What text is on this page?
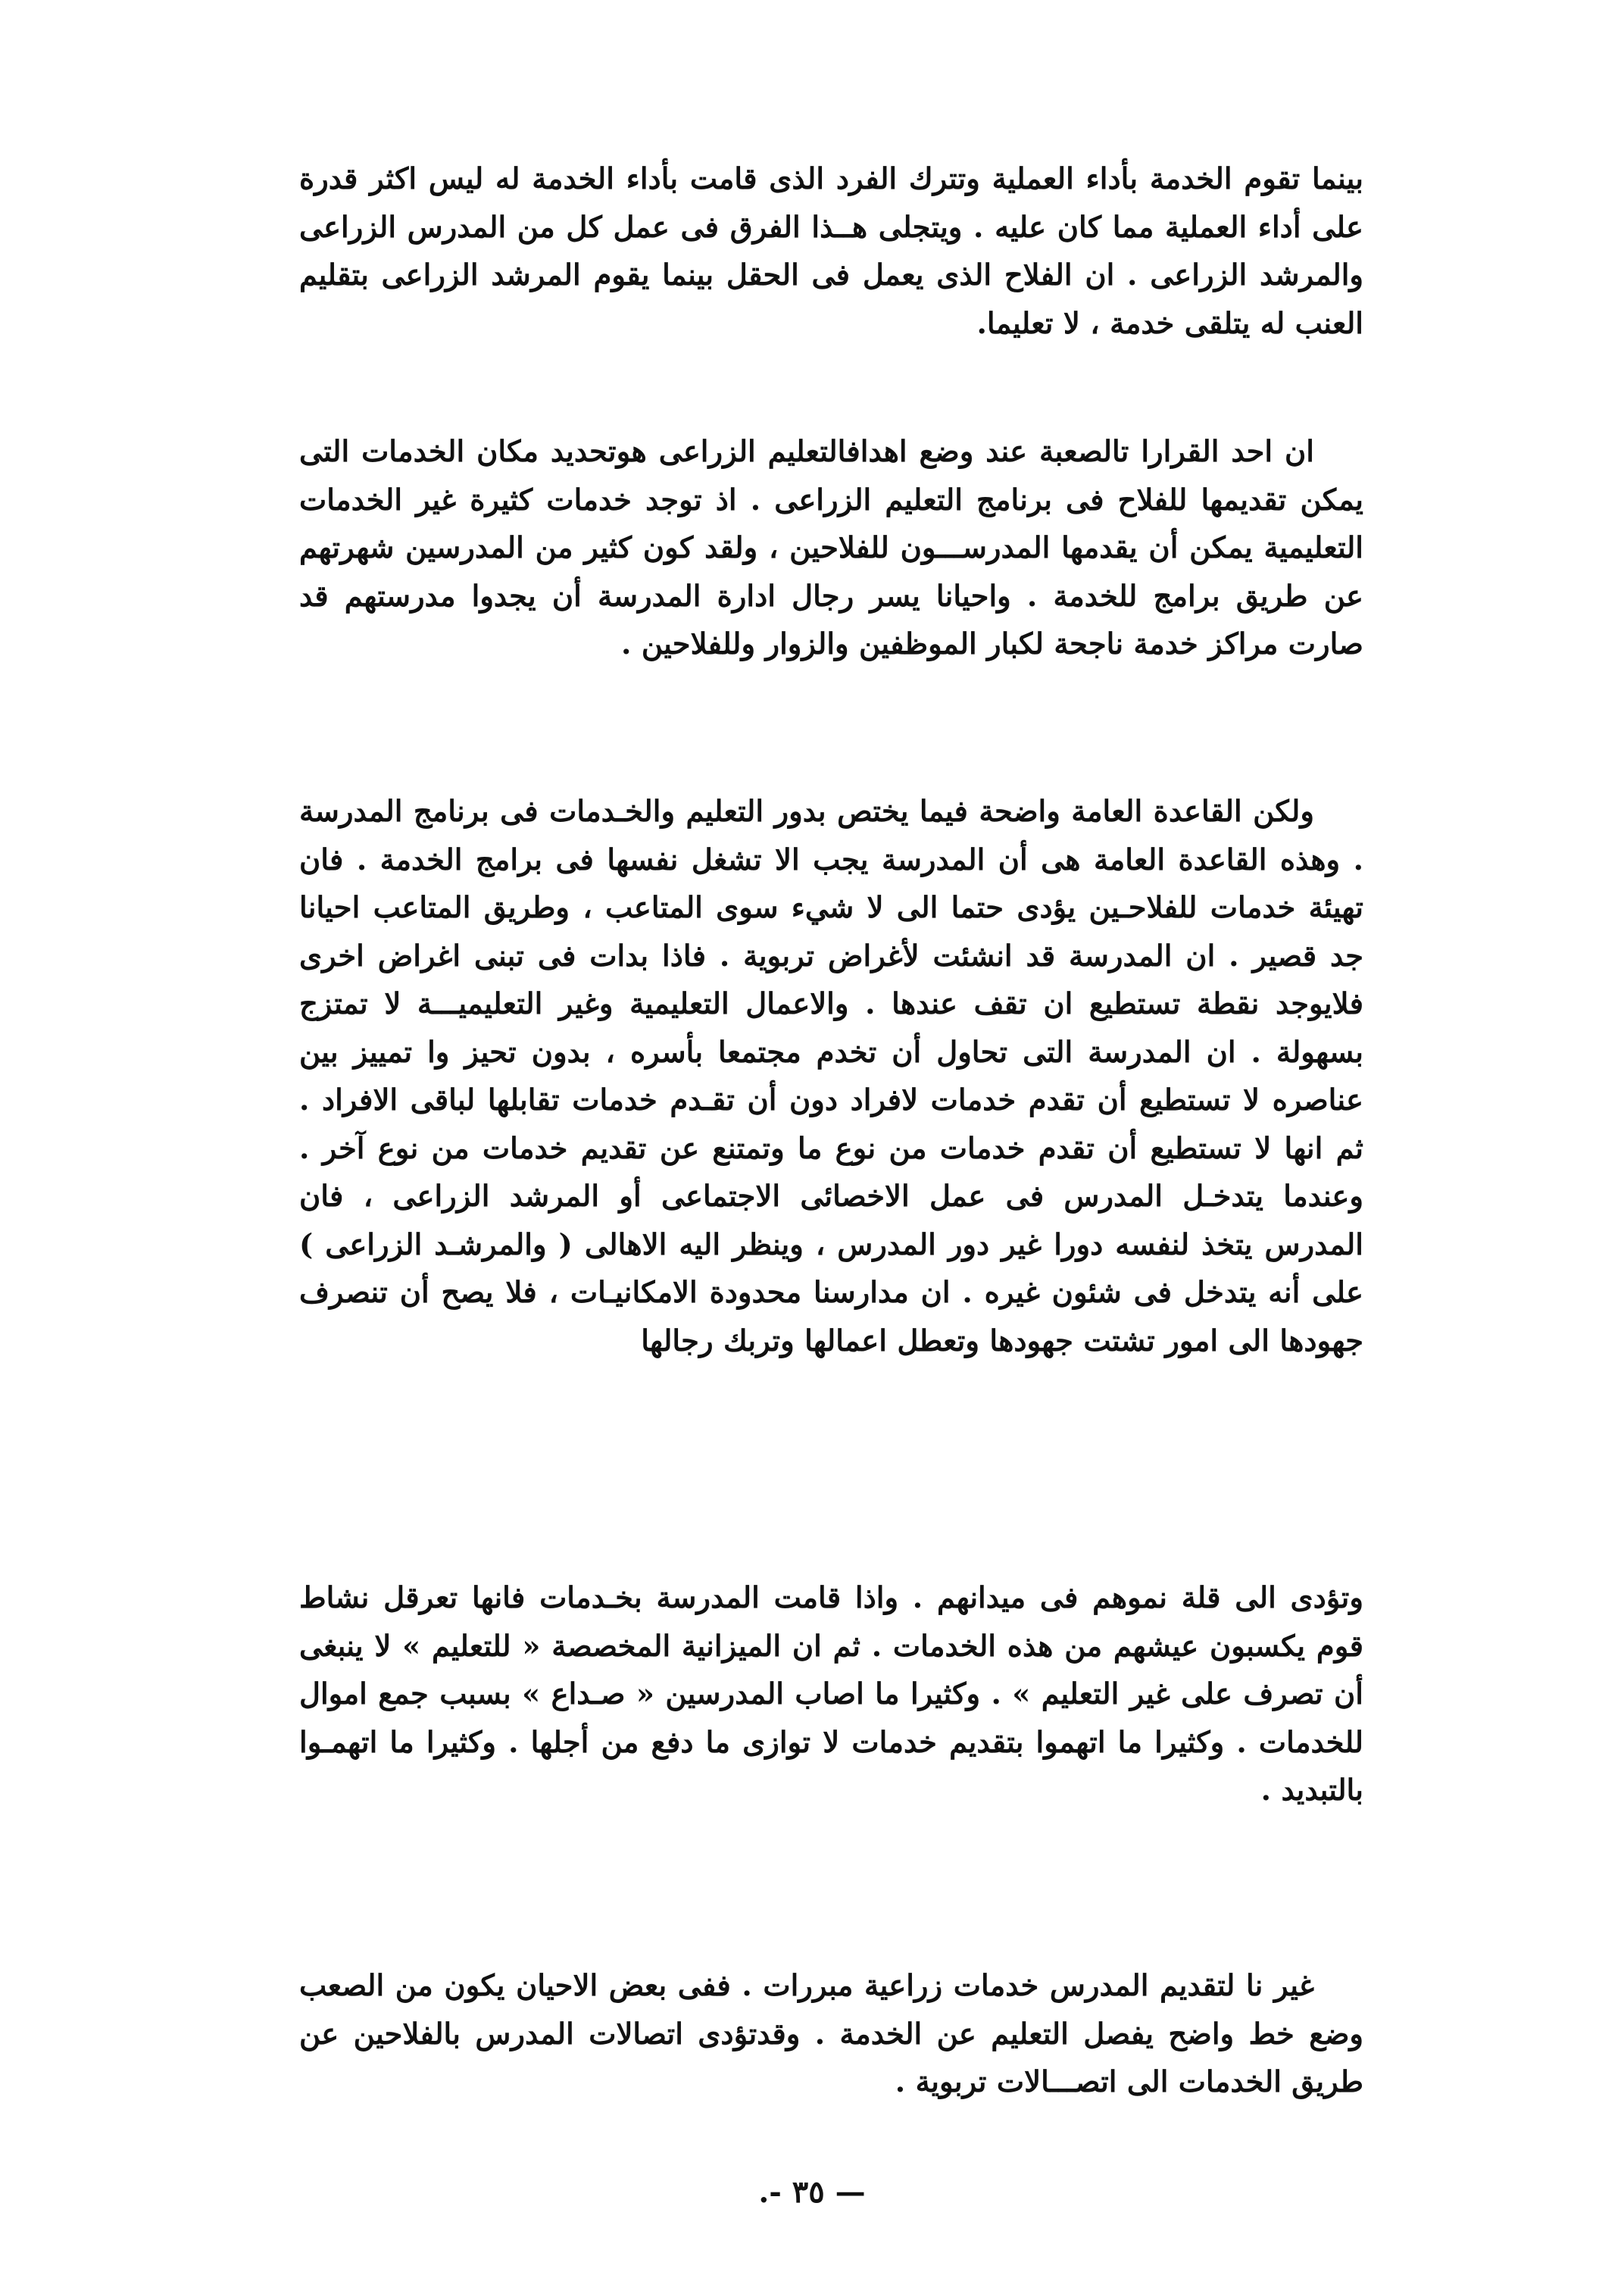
بينما تقوم الخدمة بأداء العملية وتترك الفرد الذى قامت بأداء الخدمة له ليس اكثر قدرة على أداء العملية مما كان عليه . ويتجلى هــذا الفرق فى عمل كل من المدرس الزراعى والمرشد الزراعى . ان الفلاح الذى يعمل فى الحقل بينما يقوم المرشد الزراعى بتقليم العنب له يتلقى خدمة ، لا تعليما.

ان احد القرارا تالصعبة عند وضع اهدافالتعليم الزراعى هوتحديد مكان الخدمات التى يمكن تقديمها للفلاح فى برنامج التعليم الزراعى . اذ توجد خدمات كثيرة غير الخدمات التعليمية يمكن أن يقدمها المدرســـون للفلاحين ، ولقد كون كثير من المدرسين شهرتهم عن طريق برامج للخدمة . واحيانا يسر رجال ادارة المدرسة أن يجدوا مدرستهم قد صارت مراكز خدمة ناجحة لكبار الموظفين والزوار وللفلاحين .

ولكن القاعدة العامة واضحة فيما يختص بدور التعليم والخـدمات فى برنامج المدرسة . وهذه القاعدة العامة هى أن المدرسة يجب الا تشغل نفسها فى برامج الخدمة . فان تهيئة خدمات للفلاحـين يؤدى حتما الى لا شيء سوى المتاعب ، وطريق المتاعب احيانا جد قصير . ان المدرسة قد انشئت لأغراض تربوية . فاذا بدات فى تبنى اغراض اخرى فلايوجد نقطة تستطيع ان تقف عندها . والاعمال التعليمية وغير التعليميـــة لا تمتزج بسهولة . ان المدرسة التى تحاول أن تخدم مجتمعا بأسره ، بدون تحيز وا تمييز بين عناصره لا تستطيع أن تقدم خدمات لافراد دون أن تقـدم خدمات تقابلها لباقى الافراد . ثم انها لا تستطيع أن تقدم خدمات من نوع ما وتمتنع عن تقديم خدمات من نوع آخر . وعندما يتدخـل المدرس فى عمل الاخصائى الاجتماعى أو المرشد الزراعى ، فان المدرس يتخذ لنفسه دورا غير دور المدرس ، وينظر اليه الاهالى ( والمرشـد الزراعى ) على أنه يتدخل فى شئون غيره . ان مدارسنا محدودة الامكانيـات ، فلا يصح أن تنصرف جهودها الى امور تشتت جهودها وتعطل اعمالها وتربك رجالها

وتؤدى الى قلة نموهم فى ميدانهم . واذا قامت المدرسة بخـدمات فانها تعرقل نشاط قوم يكسبون عيشهم من هذه الخدمات . ثم ان الميزانية المخصصة « للتعليم » لا ينبغى أن تصرف على غير التعليم » . وكثيرا ما اصاب المدرسين « صـداع » بسبب جمع اموال للخدمات . وكثيرا ما اتهموا بتقديم خدمات لا توازى ما دفع من أجلها . وكثيرا ما اتهمـوا بالتبديد .

غير نا لتقديم المدرس خدمات زراعية مبررات . ففى بعض الاحيان يكون من الصعب وضع خط واضح يفصل التعليم عن الخدمة . وقدتؤدى اتصالات المدرس بالفلاحين عن طريق الخدمات الى اتصـــالات تربوية .

— ٣٥ -.
